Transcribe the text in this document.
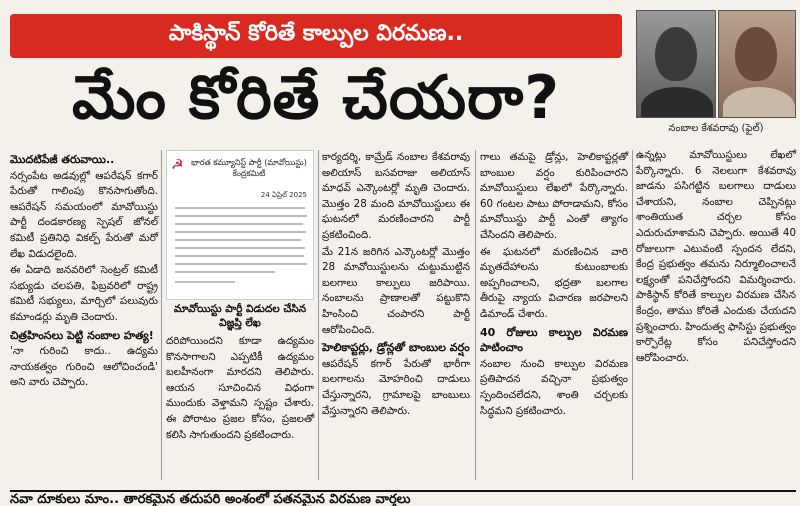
పాకిస్థాన్ కోరితే కాల్పుల విరమణ..
మేం కోరితే చేయరా?	నంబాల కేశవరావు (ఫైల్)

మొదటిపేజీ తరువాయి..

నర్సంపేట అడవుల్లో ఆపరేషన్ కగార్ పేరుతో గాలింపు కొనసాగుతోంది. ఆపరేషన్ సమయంలో మావోయిస్టు పార్టీ దండకారణ్య స్పెషల్ జోనల్ కమిటీ ప్రతినిధి వికల్ప్ పేరుతో మరో లేఖ విడుదలైంది.

ఈ ఏడాది జనవరిలో సెంట్రల్ కమిటీ సభ్యుడు చలపతి, ఫిబ్రవరిలో రాష్ట్ర కమిటీ సభ్యులు, మార్చిలో పలువురు కమాండర్లు మృతి చెందారు.

చిత్రహింసలు పెట్టి నంబాల హత్య!

'నా గురించి కాదు.. ఉద్యమ నాయకత్వం గురించి ఆలోచించండి' అని వారు చెప్పారు.

☭ భారత కమ్యూనిస్ట్ పార్టీ (మావోయిస్టు)
కేంద్రకమిటీ
24 ఏప్రిల్ 2025
మావోయిస్టు పార్టీ విడుదల చేసిన విజ్ఞప్తి లేఖ

దరిపోయిందని కూడా ఉద్యమం కొనసాగాలని ఎప్పటికీ ఉద్యమం బలహీనంగా మారదని తెలిపారు. ఆయన సూచించిన విధంగా ముందుకు వెళ్తామని స్పష్టం చేశారు. ఈ పోరాటం ప్రజల కోసం, ప్రజలతో కలిసి సాగుతుందని ప్రకటించారు.

కార్యదర్శి, కామ్రేడ్ నంబాల కేశవరావు అలియాస్ బసవరాజు అలియాస్ మాధవ్ ఎన్కౌంటర్లో మృతి చెందారు. మొత్తం 28 మంది మావోయిస్టులు ఈ ఘటనలో మరణించారని పార్టీ ప్రకటించింది.

మే 21న జరిగిన ఎన్కౌంటర్లో మొత్తం 28 మావోయిస్టులను చుట్టుముట్టిన బలగాలు కాల్పులు జరిపాయి. నంబాలను ప్రాణాలతో పట్టుకొని హింసించి చంపారని పార్టీ ఆరోపించింది.

హెలికాప్టర్లు, డ్రోన్లతో బాంబుల వర్షం

ఆపరేషన్ కగార్ పేరుతో భారీగా బలగాలను మోహరించి దాడులు చేస్తున్నారని, గ్రామాలపై బాంబులు వేస్తున్నారని తెలిపారు.

గాలు తమపై డ్రోన్లు, హెలికాప్టర్లతో బాంబుల వర్షం కురిపించారని మావోయిస్టులు లేఖలో పేర్కొన్నారు. 60 గంటల పాటు పోరాడామని, కోసం మావోయిస్టు పార్టీ ఎంతో త్యాగం చేసిందని తెలిపారు.

ఈ ఘటనలో మరణించిన వారి మృతదేహాలను కుటుంబాలకు అప్పగించాలని, భద్రతా బలగాల తీరుపై న్యాయ విచారణ జరపాలని డిమాండ్ చేశారు.

40 రోజులు కాల్పుల విరమణ పాటించాం

నంబాల నుంచి కాల్పుల విరమణ ప్రతిపాదన వచ్చినా ప్రభుత్వం స్పందించలేదని, శాంతి చర్చలకు సిద్ధమని ప్రకటించారు.

ఉన్నట్లు మావోయిస్టులు లేఖలో పేర్కొన్నారు. 6 నెలలుగా కేశవరావు జాడను పసిగట్టిన బలగాలు దాడులు చేశాయని, నంబాల చెప్పినట్లు శాంతియుత చర్చల కోసం ఎదురుచూశామని చెప్పారు. అయితే 40 రోజులుగా ఎటువంటి స్పందన లేదని, కేంద్ర ప్రభుత్వం తమను నిర్మూలించాలనే లక్ష్యంతో పనిచేస్తోందని విమర్శించారు. పాకిస్థాన్ కోరితే కాల్పుల విరమణ చేసిన కేంద్రం, తాము కోరితే ఎందుకు చేయదని ప్రశ్నించారు. హిందుత్వ ఫాసిస్టు ప్రభుత్వం కార్పొరేట్ల కోసం పనిచేస్తోందని ఆరోపించారు.

నవా దూకులు మాం.. తారకమైన తదుపరి అంశంలో పతనమైన విరమణ వార్తలు
